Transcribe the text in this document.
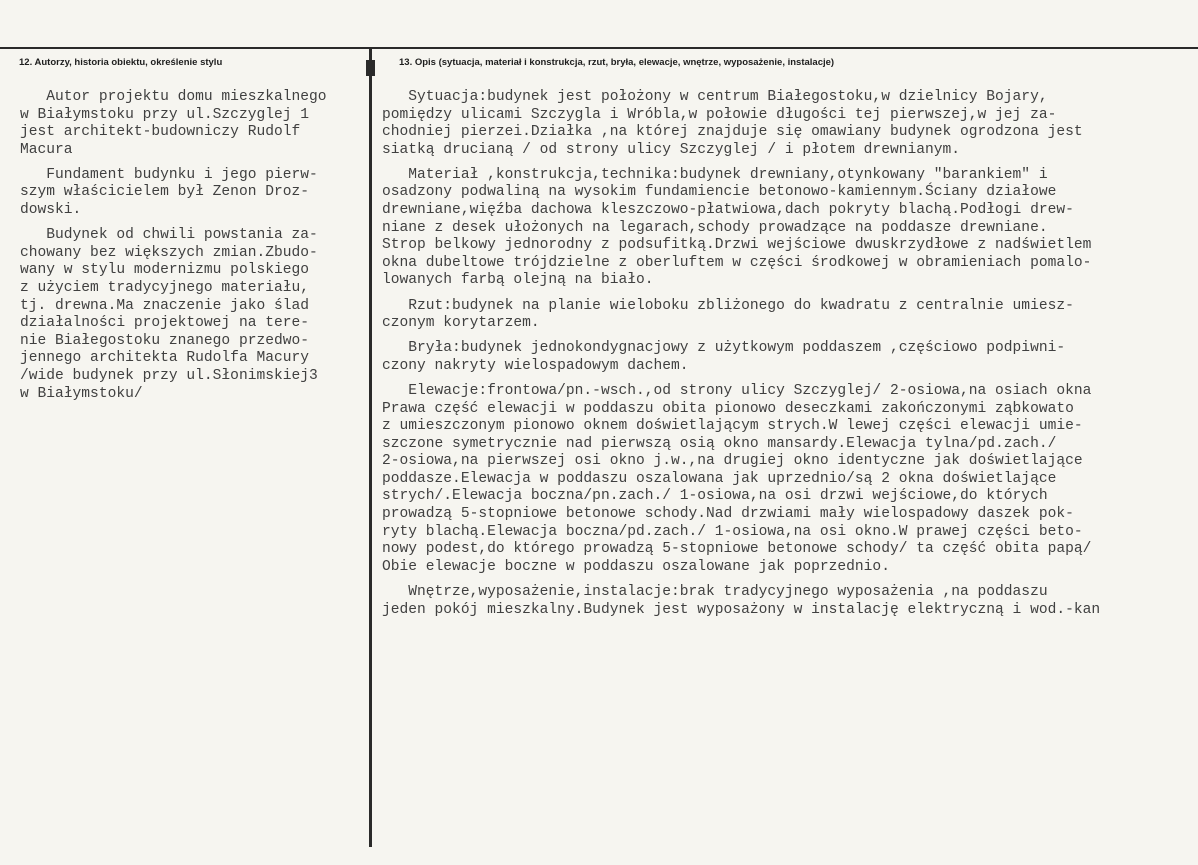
12. Autorzy, historia obiektu, określenie stylu	13. Opis (sytuacja, materiał i konstrukcja, rzut, bryła, elewacje, wnętrze, wyposażenie, instalacje)
Autor projektu domu mieszkalnego
w Białymstoku przy ul.Szczyglej 1
jest architekt-budowniczy Rudolf
Macura
Fundament budynku i jego pierw-
szym właścicielem był Zenon Droz-
dowski.
Budynek od chwili powstania za-
chowany bez większych zmian.Zbudo-
wany w stylu modernizmu polskiego
z użyciem tradycyjnego materiału,
tj. drewna.Ma znaczenie jako ślad
działalności projektowej na tere-
nie Białegostoku znanego przedwo-
jennego architekta Rudolfa Macury
/wide budynek przy ul.Słonimskiej3
w Białymstoku/
Sytuacja:budynek jest położony w centrum Białegostoku,w dzielnicy Bojary,
pomiędzy ulicami Szczygla i Wróbla,w połowie długości tej pierwszej,w jej za-
chodniej pierzei.Działka ,na której znajduje się omawiany budynek ogrodzona jest
siatką drucianą / od strony ulicy Szczyglej / i płotem drewnianym.
Materiał ,konstrukcja,technika:budynek drewniany,otynkowany "barankiem" i
osadzony podwaliną na wysokim fundamiencie betonowo-kamiennym.Ściany działowe
drewniane,więźba dachowa kleszczowo-płatwiowa,dach pokryty blachą.Podłogi drew-
niane z desek ułożonych na legarach,schody prowadzące na poddasze drewniane.
Strop belkowy jednorodny z podsufitką.Drzwi wejściowe dwuskrzydłowe z nadświetlem
okna dubeltowe trójdzielne z oberluftem w części środkowej w obramieniach pomalo-
lowanych farbą olejną na biało.
Rzut:budynek na planie wieloboku zbliżonego do kwadratu z centralnie umiesz-
czonym korytarzem.
Bryła:budynek jednokondygnacjowy z użytkowym poddaszem ,częściowo podpiwni-
czony nakryty wielospadowym dachem.
Elewacje:frontowa/pn.-wsch.,od strony ulicy Szczyglej/ 2-osiowa,na osiach okna
Prawa część elewacji w poddaszu obita pionowo deseczkami zakończonymi ząbkowato
z umieszczonym pionowo oknem doświetlającym strych.W lewej części elewacji umie-
szczone symetrycznie nad pierwszą osią okno mansardy.Elewacja tylna/pd.zach./
2-osiowa,na pierwszej osi okno j.w.,na drugiej okno identyczne jak doświetlające
poddasze.Elewacja w poddaszu oszalowana jak uprzednio/są 2 okna doświetlające
strych/.Elewacja boczna/pn.zach./ 1-osiowa,na osi drzwi wejściowe,do których
prowadzą 5-stopniowe betonowe schody.Nad drzwiami mały wielospadowy daszek pok-
ryty blachą.Elewacja boczna/pd.zach./ 1-osiowa,na osi okno.W prawej części beto-
nowy podest,do którego prowadzą 5-stopniowe betonowe schody/ ta część obita papą/
Obie elewacje boczne w poddaszu oszalowane jak poprzednio.
Wnętrze,wyposażenie,instalacje:brak tradycyjnego wyposażenia ,na poddaszu
jeden pokój mieszkalny.Budynek jest wyposażony w instalację elektryczną i wod.-kan
